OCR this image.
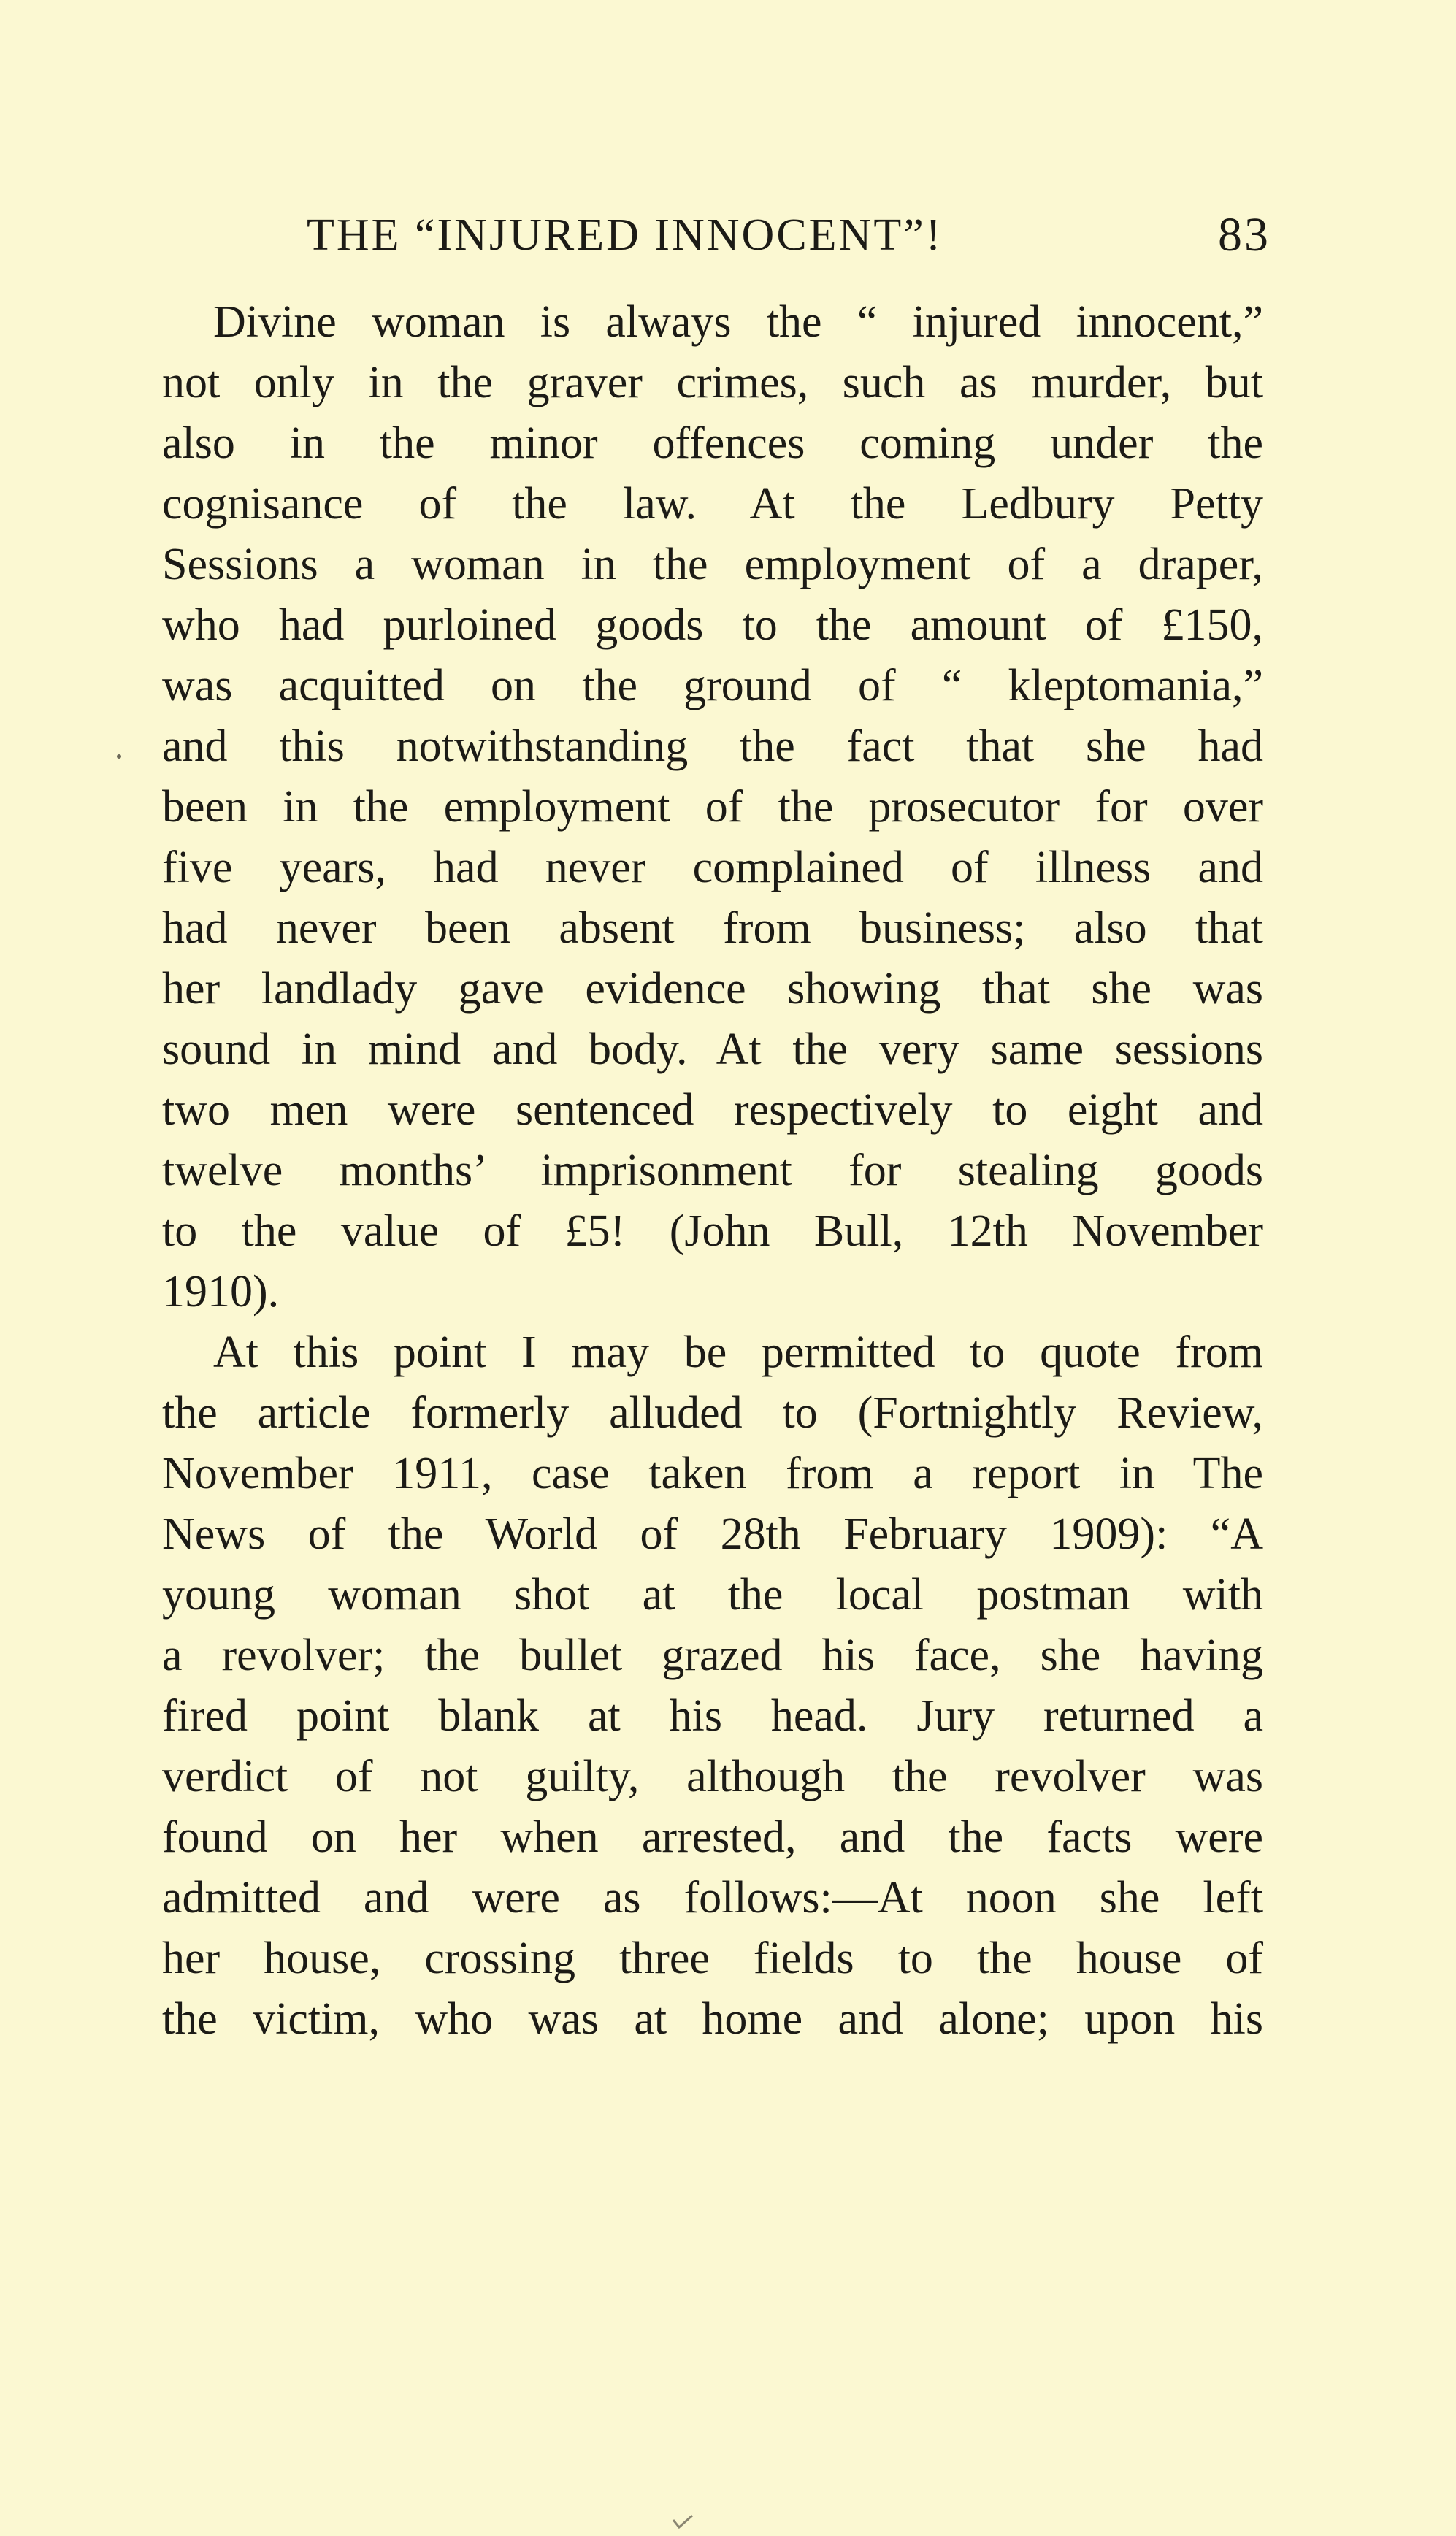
THE “INJURED INNOCENT”!	83
Divine woman is always the “ injured innocent,”
not only in the graver crimes, such as murder, but
also in the minor offences coming under the
cognisance of the law. At the Ledbury Petty
Sessions a woman in the employment of a draper,
who had purloined goods to the amount of £150,
was acquitted on the ground of “ kleptomania,”
and this notwithstanding the fact that she had
been in the employment of the prosecutor for over
five years, had never complained of illness and
had never been absent from business; also that
her landlady gave evidence showing that she was
sound in mind and body. At the very same sessions
two men were sentenced respectively to eight and
twelve months’ imprisonment for stealing goods
to the value of £5! (John Bull, 12th November
1910).
At this point I may be permitted to quote from
the article formerly alluded to (Fortnightly Review,
November 1911, case taken from a report in The
News of the World of 28th February 1909): “A
young woman shot at the local postman with
a revolver; the bullet grazed his face, she having
fired point blank at his head. Jury returned a
verdict of not guilty, although the revolver was
found on her when arrested, and the facts were
admitted and were as follows:—At noon she left
her house, crossing three fields to the house of
the victim, who was at home and alone; upon his
